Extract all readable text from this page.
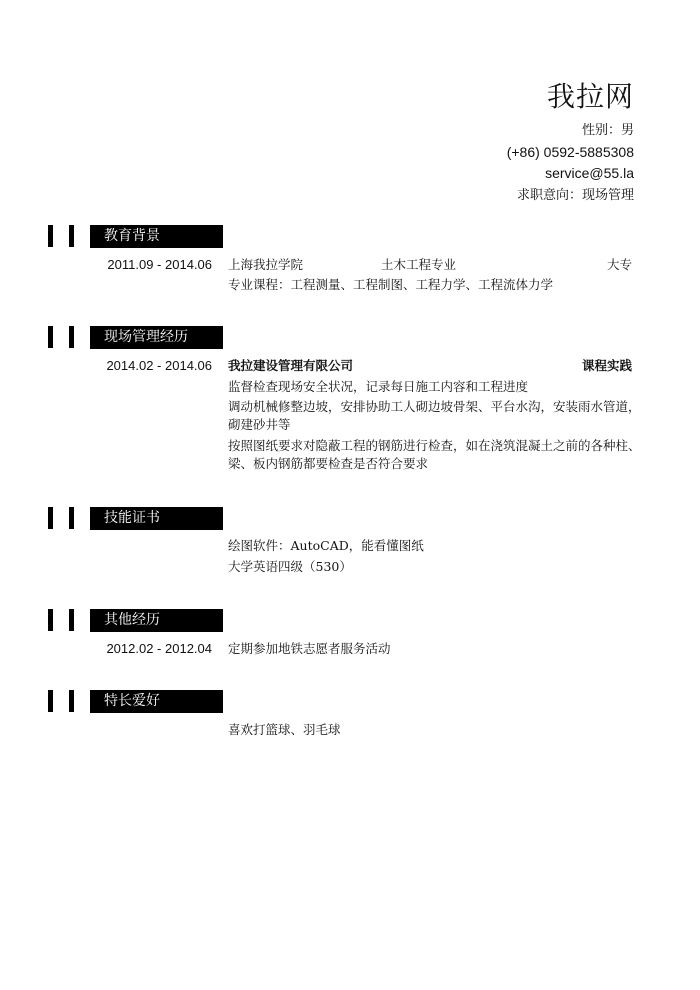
我拉网
性别：男
(+86) 0592-5885308
service@55.la
求职意向：现场管理
教育背景
2011.09 - 2014.06 上海我拉学院	土木工程专业	大专
专业课程：工程测量、工程制图、工程力学、工程流体力学
现场管理经历
2014.02 - 2014.06 我拉建设管理有限公司	课程实践
监督检查现场安全状况，记录每日施工内容和工程进度
调动机械修整边坡，安排协助工人砌边坡骨架、平台水沟，安装雨水管道，砌建砂井等
按照图纸要求对隐蔽工程的钢筋进行检查，如在浇筑混凝土之前的各种柱、梁、板内钢筋都要检查是否符合要求
技能证书
绘图软件：AutoCAD，能看懂图纸
大学英语四级（530）
其他经历
2012.02 - 2012.04 定期参加地铁志愿者服务活动
特长爱好
喜欢打篮球、羽毛球
